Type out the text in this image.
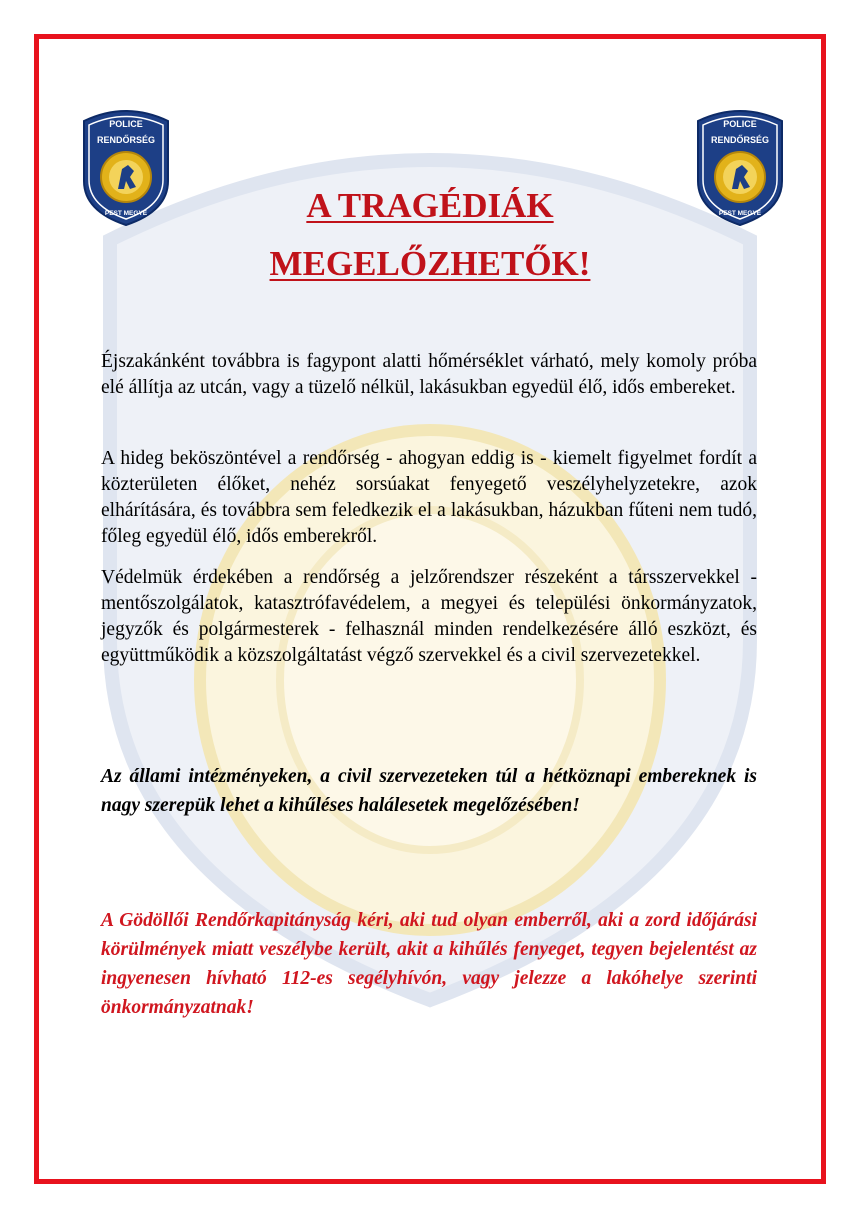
POLICE
RENDŐRSÉG
PEST MEGYE
POLICE
RENDŐRSÉG
PEST MEGYE
A TRAGÉDIÁK
MEGELŐZHETŐK!

Éjszakánként továbbra is fagypont alatti hőmérséklet várható, mely komoly próba elé állítja az utcán, vagy a tüzelő nélkül, lakásukban egyedül élő, idős embereket.

A hideg beköszöntével a rendőrség - ahogyan eddig is - kiemelt figyelmet fordít a közterületen élőket, nehéz sorsúakat fenyegető veszélyhelyzetekre, azok elhárítására, és továbbra sem feledkezik el a lakásukban, házukban fűteni nem tudó, főleg egyedül élő, idős emberekről.

Védelmük érdekében a rendőrség a jelzőrendszer részeként a társszervekkel - mentőszolgálatok, katasztrófavédelem, a megyei és települési önkormányzatok, jegyzők és polgármesterek - felhasznál minden rendelkezésére álló eszközt, és együttműködik a közszolgáltatást végző szervekkel és a civil szervezetekkel.

Az állami intézményeken, a civil szervezeteken túl a hétköznapi embereknek is nagy szerepük lehet a kihűléses halálesetek megelőzésében!

A Gödöllői Rendőrkapitányság kéri, aki tud olyan emberről, aki a zord időjárási körülmények miatt veszélybe került, akit a kihűlés fenyeget, tegyen bejelentést az ingyenesen hívható 112-es segélyhívón, vagy jelezze a lakóhelye szerinti önkormányzatnak!
